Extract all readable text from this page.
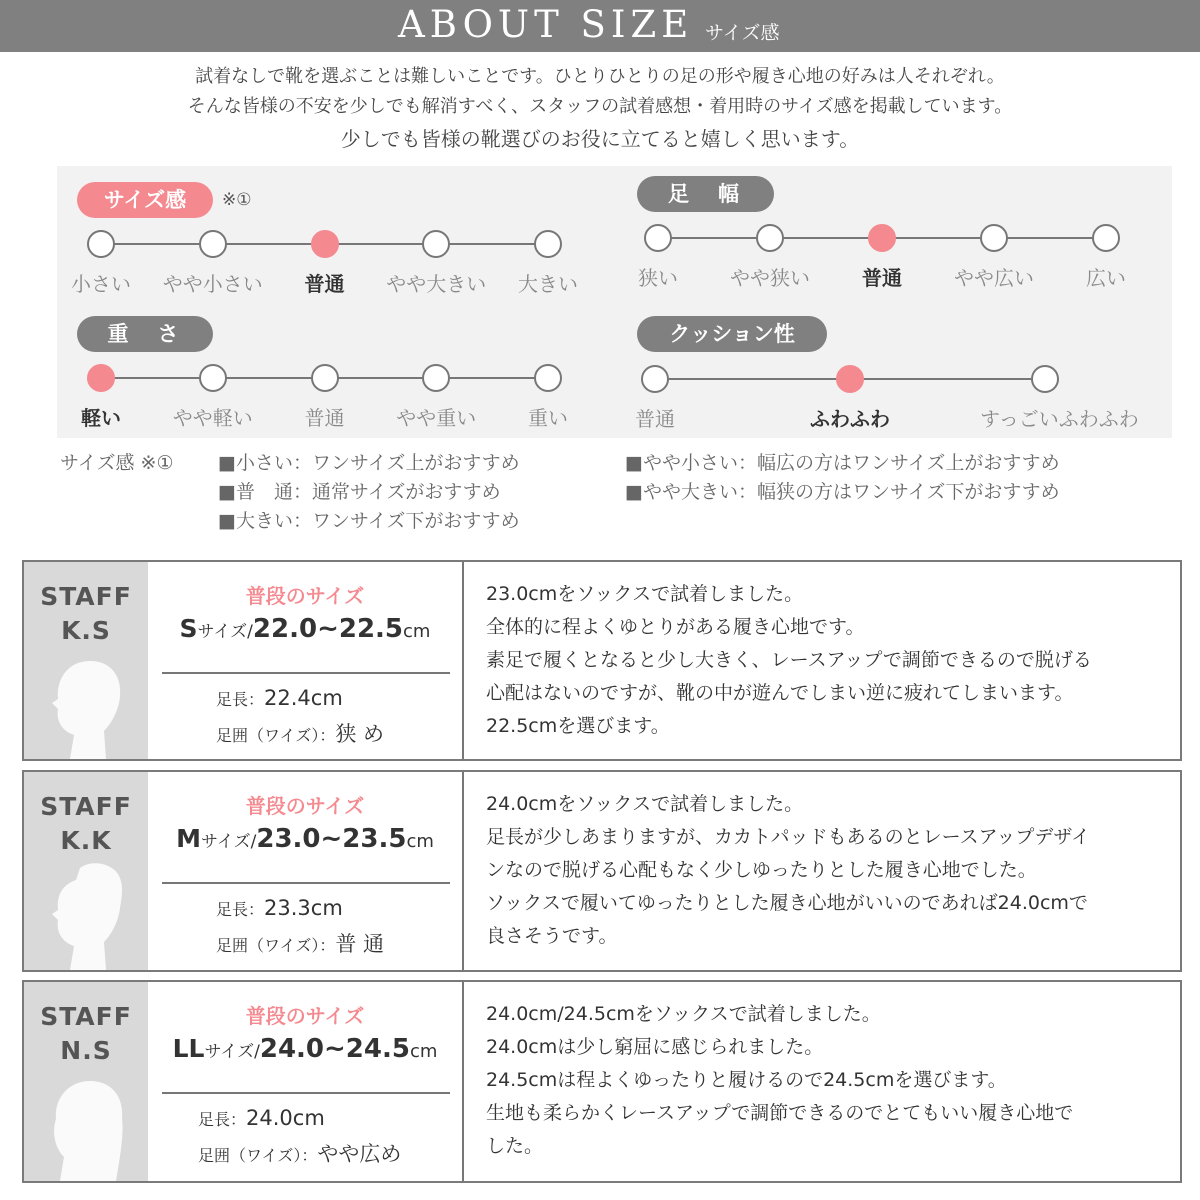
ABOUT SIZE サイズ感
試着なしで靴を選ぶことは難しいことです。ひとりひとりの足の形や履き心地の好みは人それぞれ。
そんな皆様の不安を少しでも解消すべく、スタッフの試着感想・着用時のサイズ感を掲載しています。
少しでも皆様の靴選びのお役に立てると嬉しく思います。
サイズ感	※①
小さい	やや小さい	普通	やや大きい	大きい
足　幅
狭い	やや狭い	普通	やや広い	広い
重　さ
軽い	やや軽い	普通	やや重い	重い
クッション性
普通	ふわふわ	すっごいふわふわ
サイズ感 ※① ■小さい：ワンサイズ上がおすすめ
■普　通：通常サイズがおすすめ
■大きい：ワンサイズ下がおすすめ
■やや小さい：幅広の方はワンサイズ上がおすすめ
■やや大きい：幅狭の方はワンサイズ下がおすすめ
STAFF
K.S
普段のサイズ
Sサイズ/22.0~22.5cm
足長：22.4cm
足囲（ワイズ）：狭 め
23.0cmをソックスで試着しました。
全体的に程よくゆとりがある履き心地です。
素足で履くとなると少し大きく、レースアップで調節できるので脱げる
心配はないのですが、靴の中が遊んでしまい逆に疲れてしまいます。
22.5cmを選びます。
STAFF
K.K
普段のサイズ
Mサイズ/23.0~23.5cm
足長：23.3cm
足囲（ワイズ）：普 通
24.0cmをソックスで試着しました。
足長が少しあまりますが、カカトパッドもあるのとレースアップデザイ
ンなので脱げる心配もなく少しゆったりとした履き心地でした。
ソックスで履いてゆったりとした履き心地がいいのであれば24.0cmで
良さそうです。
STAFF
N.S
普段のサイズ
LLサイズ/24.0~24.5cm
足長：24.0cm
足囲（ワイズ）：やや広め
24.0cm/24.5cmをソックスで試着しました。
24.0cmは少し窮屈に感じられました。
24.5cmは程よくゆったりと履けるので24.5cmを選びます。
生地も柔らかくレースアップで調節できるのでとてもいい履き心地で
した。
